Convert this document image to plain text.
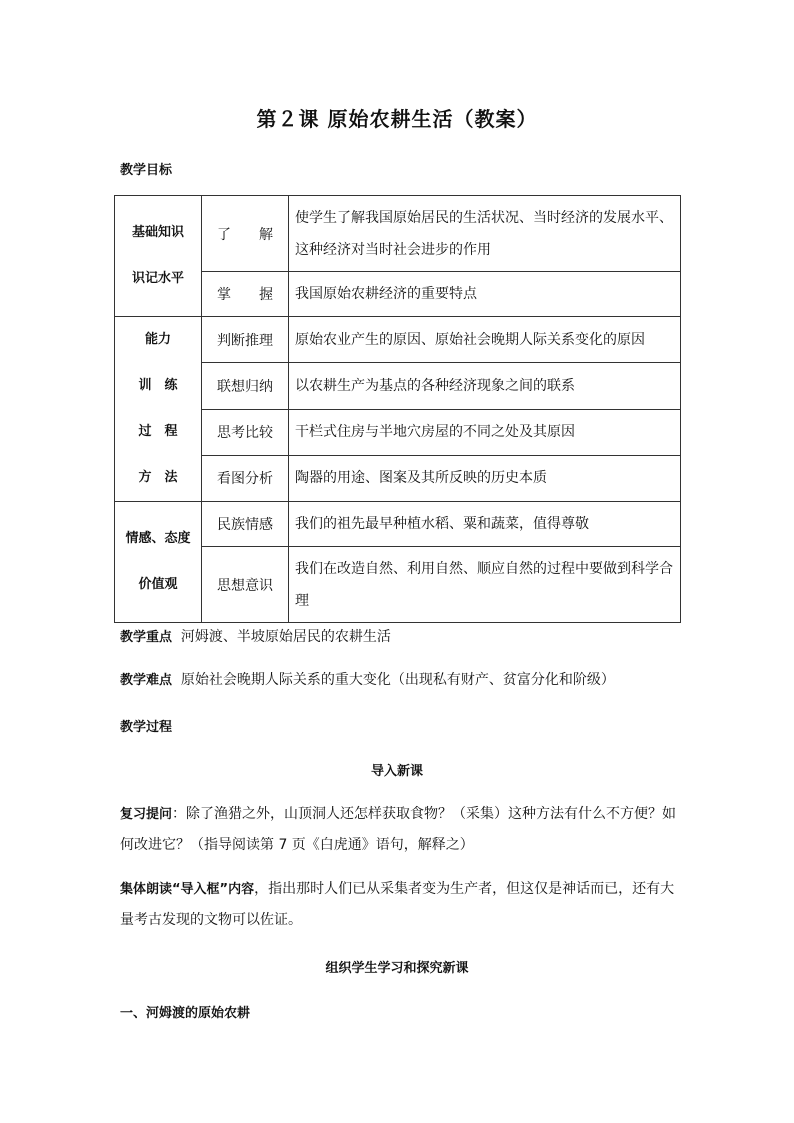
第２课 原始农耕生活（教案）
教学目标
基础知识
识记水平	了　　解	使学生了解我国原始居民的生活状况、当时经济的发展水平、这种经济对当时社会进步的作用
	掌　　握	我国原始农耕经济的重要特点

能力
训　练
过　程
方　法	判断推理	原始农业产生的原因、原始社会晚期人际关系变化的原因
	联想归纳	以农耕生产为基点的各种经济现象之间的联系
	思考比较	干栏式住房与半地穴房屋的不同之处及其原因
	看图分析	陶器的用途、图案及其所反映的历史本质

情感、态度
价值观	民族情感	我们的祖先最早种植水稻、粟和蔬菜，值得尊敬
	思想意识	我们在改造自然、利用自然、顺应自然的过程中要做到科学合理
教学重点 河姆渡、半坡原始居民的农耕生活
教学难点 原始社会晚期人际关系的重大变化（出现私有财产、贫富分化和阶级）
教学过程
导入新课
复习提问：除了渔猎之外，山顶洞人还怎样获取食物？（采集）这种方法有什么不方便？如何改进它？（指导阅读第 7 页《白虎通》语句，解释之）
集体朗读“导入框”内容，指出那时人们已从采集者变为生产者，但这仅是神话而已，还有大量考古发现的文物可以佐证。
组织学生学习和探究新课
一、河姆渡的原始农耕
